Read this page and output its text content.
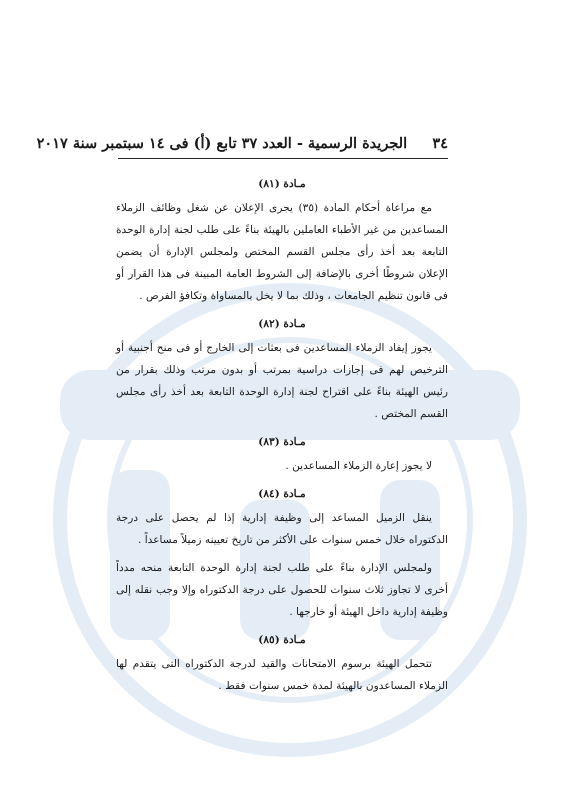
٣٤     الجريدة الرسمية - العدد ٣٧ تابع (أ) فى ١٤ سبتمبر سنة ٢٠١٧
مـادة (٨١)

مع مراعاة أحكام المادة (٣٥) يجرى الإعلان عن شغل وظائف الزملاء المساعدين من غير الأطباء العاملين بالهيئة بناءً على طلب لجنة إدارة الوحدة التابعة بعد أخذ رأى مجلس القسم المختص ولمجلس الإدارة أن يضمن الإعلان شروطًا أخرى بالإضافة إلى الشروط العامة المبينة فى هذا القرار أو فى قانون تنظيم الجامعات ، وذلك بما لا يخل بالمساواة وتكافؤ الفرص .

مـادة (٨٢)

يجوز إيفاد الزملاء المساعدين فى بعثات إلى الخارج أو فى منح أجنبية أو الترخيص لهم فى إجازات دراسية بمرتب أو بدون مرتب وذلك بقرار من رئيس الهيئة بناءً على اقتراح لجنة إدارة الوحدة التابعة بعد أخذ رأى مجلس القسم المختص .

مـادة (٨٣)

لا يجوز إعارة الزملاء المساعدين .

مـادة (٨٤)

ينقل الزميل المساعد إلى وظيفة إدارية إذا لم يحصل على درجة الدكتوراه خلال خمس سنوات على الأكثر من تاريخ تعيينه زميلاً مساعداً .

ولمجلس الإدارة بناءً على طلب لجنة إدارة الوحدة التابعة منحه مدداً أخرى لا تجاوز ثلاث سنوات للحصول على درجة الدكتوراه وإلا وجب نقله إلى وظيفة إدارية داخل الهيئة أو خارجها .

مـادة (٨٥)

تتحمل الهيئة برسوم الامتحانات والقيد لدرجة الدكتوراه التى يتقدم لها الزملاء المساعدون بالهيئة لمدة خمس سنوات فقط .
